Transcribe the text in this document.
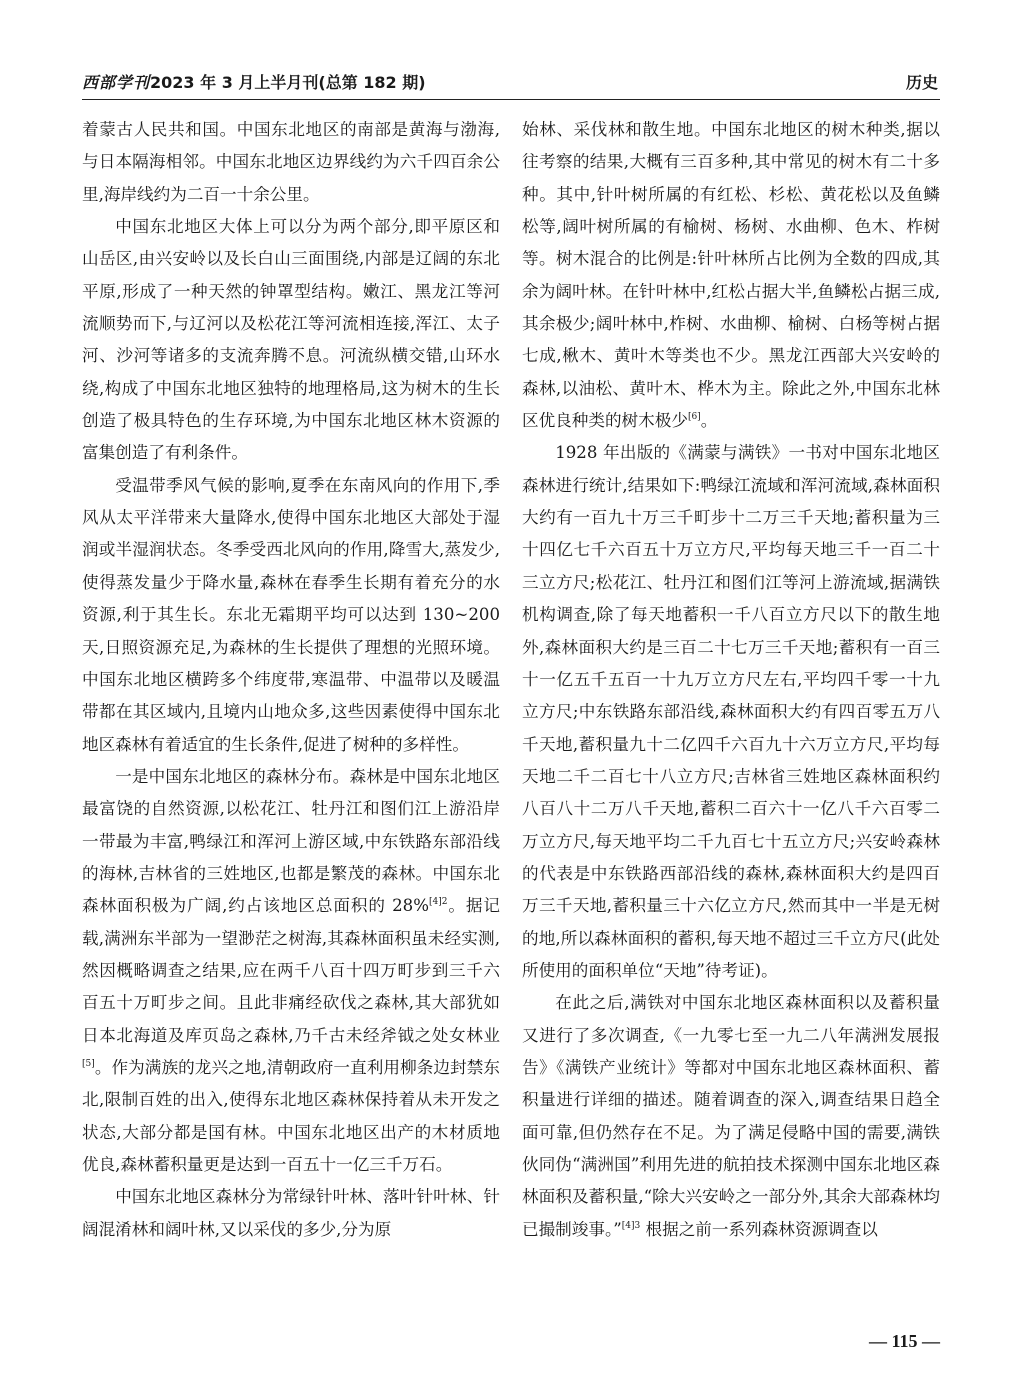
西部学刊2023 年 3 月上半月刊(总第 182 期)	历史

着蒙古人民共和国。中国东北地区的南部是黄海与渤海,与日本隔海相邻。中国东北地区边界线约为六千四百余公里,海岸线约为二百一十余公里。

中国东北地区大体上可以分为两个部分,即平原区和山岳区,由兴安岭以及长白山三面围绕,内部是辽阔的东北平原,形成了一种天然的钟罩型结构。嫩江、黑龙江等河流顺势而下,与辽河以及松花江等河流相连接,浑江、太子河、沙河等诸多的支流奔腾不息。河流纵横交错,山环水绕,构成了中国东北地区独特的地理格局,这为树木的生长创造了极具特色的生存环境,为中国东北地区林木资源的富集创造了有利条件。

受温带季风气候的影响,夏季在东南风向的作用下,季风从太平洋带来大量降水,使得中国东北地区大部处于湿润或半湿润状态。冬季受西北风向的作用,降雪大,蒸发少,使得蒸发量少于降水量,森林在春季生长期有着充分的水资源,利于其生长。东北无霜期平均可以达到 130~200 天,日照资源充足,为森林的生长提供了理想的光照环境。中国东北地区横跨多个纬度带,寒温带、中温带以及暖温带都在其区域内,且境内山地众多,这些因素使得中国东北地区森林有着适宜的生长条件,促进了树种的多样性。

一是中国东北地区的森林分布。森林是中国东北地区最富饶的自然资源,以松花江、牡丹江和图们江上游沿岸一带最为丰富,鸭绿江和浑河上游区域,中东铁路东部沿线的海林,吉林省的三姓地区,也都是繁茂的森林。中国东北森林面积极为广阔,约占该地区总面积的 28%$^{[4]2}$。据记载,满洲东半部为一望渺茫之树海,其森林面积虽未经实测,然因概略调查之结果,应在两千八百十四万町步到三千六百五十万町步之间。且此非痛经砍伐之森林,其大部犹如日本北海道及库页岛之森林,乃千古未经斧钺之处女林业[5]。作为满族的龙兴之地,清朝政府一直利用柳条边封禁东北,限制百姓的出入,使得东北地区森林保持着从未开发之状态,大部分都是国有林。中国东北地区出产的木材质地优良,森林蓄积量更是达到一百五十一亿三千万石。

中国东北地区森林分为常绿针叶林、落叶针叶林、针阔混淆林和阔叶林,又以采伐的多少,分为原

始林、采伐林和散生地。中国东北地区的树木种类,据以往考察的结果,大概有三百多种,其中常见的树木有二十多种。其中,针叶树所属的有红松、杉松、黄花松以及鱼鳞松等,阔叶树所属的有榆树、杨树、水曲柳、色木、柞树等。树木混合的比例是:针叶林所占比例为全数的四成,其余为阔叶林。在针叶林中,红松占据大半,鱼鳞松占据三成,其余极少;阔叶林中,柞树、水曲柳、榆树、白杨等树占据七成,楸木、黄叶木等类也不少。黑龙江西部大兴安岭的森林,以油松、黄叶木、桦木为主。除此之外,中国东北林区优良种类的树木极少[6]。

1928 年出版的《满蒙与满铁》一书对中国东北地区森林进行统计,结果如下:鸭绿江流域和浑河流域,森林面积大约有一百九十万三千町步十二万三千天地;蓄积量为三十四亿七千六百五十万立方尺,平均每天地三千一百二十三立方尺;松花江、牡丹江和图们江等河上游流域,据满铁机构调查,除了每天地蓄积一千八百立方尺以下的散生地外,森林面积大约是三百二十七万三千天地;蓄积有一百三十一亿五千五百一十九万立方尺左右,平均四千零一十九立方尺;中东铁路东部沿线,森林面积大约有四百零五万八千天地,蓄积量九十二亿四千六百九十六万立方尺,平均每天地二千二百七十八立方尺;吉林省三姓地区森林面积约八百八十二万八千天地,蓄积二百六十一亿八千六百零二万立方尺,每天地平均二千九百七十五立方尺;兴安岭森林的代表是中东铁路西部沿线的森林,森林面积大约是四百万三千天地,蓄积量三十六亿立方尺,然而其中一半是无树的地,所以森林面积的蓄积,每天地不超过三千立方尺(此处所使用的面积单位“天地”待考证)。

在此之后,满铁对中国东北地区森林面积以及蓄积量又进行了多次调查,《一九零七至一九二八年满洲发展报告》《满铁产业统计》等都对中国东北地区森林面积、蓄积量进行详细的描述。随着调查的深入,调查结果日趋全面可靠,但仍然存在不足。为了满足侵略中国的需要,满铁伙同伪“满洲国”利用先进的航拍技术探测中国东北地区森林面积及蓄积量,“除大兴安岭之一部分外,其余大部森林均已撮制竣事。”$^{[4]3}$ 根据之前一系列森林资源调查以

— 115 —
